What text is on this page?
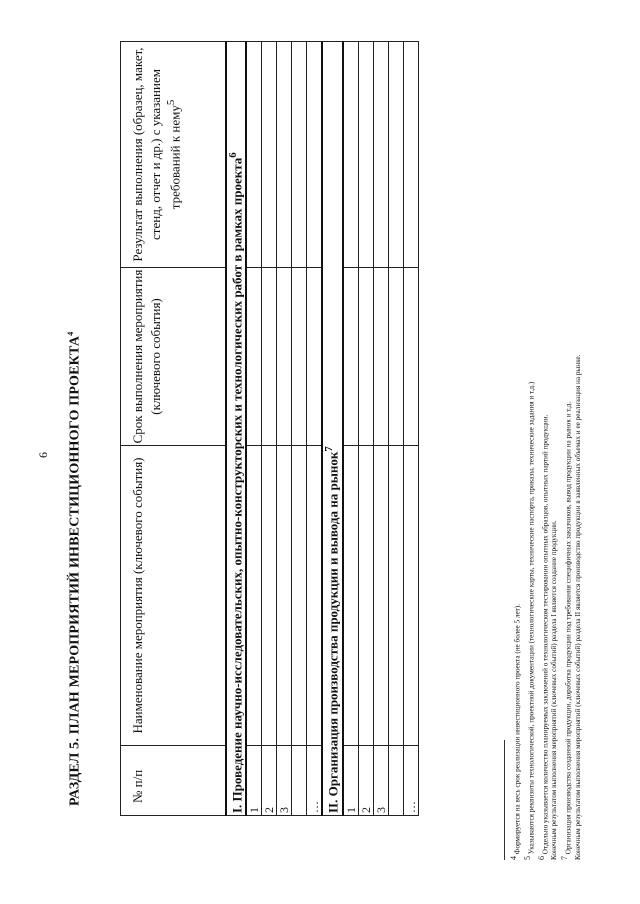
6 РАЗДЕЛ 5. ПЛАН МЕРОПРИЯТИЙ ИНВЕСТИЦИОННОГО ПРОЕКТА$^4$
№ п/п	Наименование мероприятия (ключевого события)	Срок выполнения мероприятия (ключевого события)	Результат выполнения (образец, макет, стенд, отчет и др.) с указанием требований к нему$^5$
I. Проведение научно-исследовательских, опытно-конструкторских и технологических работ в рамках проекта$^6$
1			
2			
3			

…			
II. Организация производства продукции и вывода на рынок$^7$
1			
2			
3			

…			
$^4$ Формируется на весь срок реализации инвестиционного проекта (не более 5 лет).
$^5$ Указываются реквизиты технологической, проектной документации (технологические карты, технические паспорта, приказы, технические задания и т.д.)
$^6$ Отдельно указывается количество планируемых заключений о технологическом тестировании опытных образцов, опытных партий продукции. Конечным результатом выполнения мероприятий (ключевых событий) раздела I является создание продукции. $^7$ Организация производства созданной продукции, доработка продукции под требования специфичных заказчиков, вывод продукции на рынок и т.д. Конечным результатом выполнения мероприятий (ключевых событий) раздела II является производство продукции в заявленных объемах и ее реализация на рынке.
